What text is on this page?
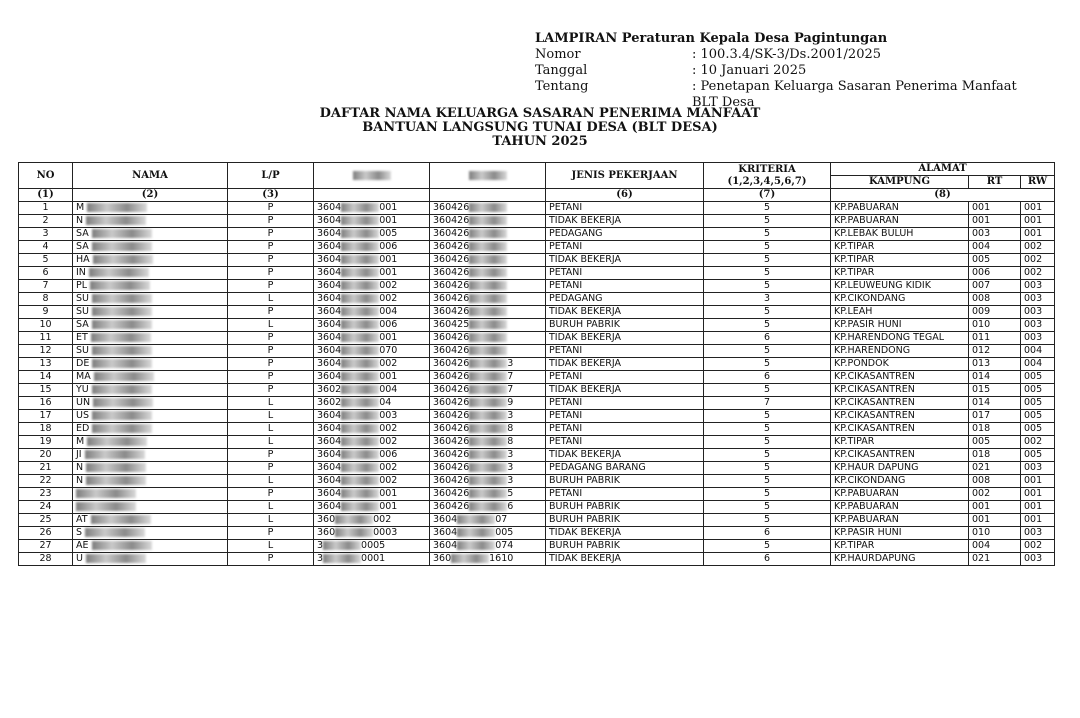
LAMPIRAN Peraturan Kepala Desa Pagintungan
Nomor	: 100.3.4/SK-3/Ds.2001/2025
Tanggal	: 10 Januari 2025
Tentang	: Penetapan Keluarga Sasaran Penerima Manfaat
BLT Desa
DAFTAR NAMA KELUARGA SASARAN PENERIMA MANFAAT
BANTUAN LANGSUNG TUNAI DESA (BLT DESA)
TAHUN 2025
NO	NAMA	L/P			JENIS PEKERJAAN	KRITERIA (1,2,3,4,5,6,7)	ALAMAT		
							KAMPUNG	RT	RW
(1)	(2)	(3)			(6)	(7)	(8)		
1	M	P	3604 001	360426	PETANI	5	KP.PABUARAN	001	001
2	N	P	3604 001	360426	TIDAK BEKERJA	5	KP.PABUARAN	001	001
3	SA	P	3604 005	360426	PEDAGANG	5	KP.LEBAK BULUH	003	001
4	SA	P	3604 006	360426	PETANI	5	KP.TIPAR	004	002
5	HA	P	3604 001	360426	TIDAK BEKERJA	5	KP.TIPAR	005	002
6	IN	P	3604 001	360426	PETANI	5	KP.TIPAR	006	002
7	PL	P	3604 002	360426	PETANI	5	KP.LEUWEUNG KIDIK	007	003
8	SU	L	3604 002	360426	PEDAGANG	3	KP.CIKONDANG	008	003
9	SU	P	3604 004	360426	TIDAK BEKERJA	5	KP.LEAH	009	003
10	SA	L	3604 006	360425	BURUH PABRIK	5	KP.PASIR HUNI	010	003
11	ET	P	3604 001	360426	TIDAK BEKERJA	6	KP.HARENDONG TEGAL	011	003
12	SU	P	3604 070	360426	PETANI	5	KP.HARENDONG	012	004
13	DE	P	3604 002	360426 3	TIDAK BEKERJA	5	KP.PONDOK	013	004
14	MA	P	3604 001	360426 7	PETANI	6	KP.CIKASANTREN	014	005
15	YU	P	3602 004	360426 7	TIDAK BEKERJA	5	KP.CIKASANTREN	015	005
16	UN	L	3602 04	360426 9	PETANI	7	KP.CIKASANTREN	014	005
17	US	L	3604 003	360426 3	PETANI	5	KP.CIKASANTREN	017	005
18	ED	L	3604 002	360426 8	PETANI	5	KP.CIKASANTREN	018	005
19	M	L	3604 002	360426 8	PETANI	5	KP.TIPAR	005	002
20	JI	P	3604 006	360426 3	TIDAK BEKERJA	5	KP.CIKASANTREN	018	005
21	N	P	3604 002	360426 3	PEDAGANG BARANG	5	KP.HAUR DAPUNG	021	003
22	N	L	3604 002	360426 3	BURUH PABRIK	5	KP.CIKONDANG	008	001
23		P	3604 001	360426 5	PETANI	5	KP.PABUARAN	002	001
24		L	3604 001	360426 6	BURUH PABRIK	5	KP.PABUARAN	001	001
25	AT	L	360 002	3604 07	BURUH PABRIK	5	KP.PABUARAN	001	001
26	S	P	360 0003	3604 005	TIDAK BEKERJA	6	KP.PASIR HUNI	010	003
27	AE	L	3 0005	3604 074	BURUH PABRIK	5	KP.TIPAR	004	002
28	U	P	3 0001	360 1610	TIDAK BEKERJA	6	KP.HAURDAPUNG	021	003
